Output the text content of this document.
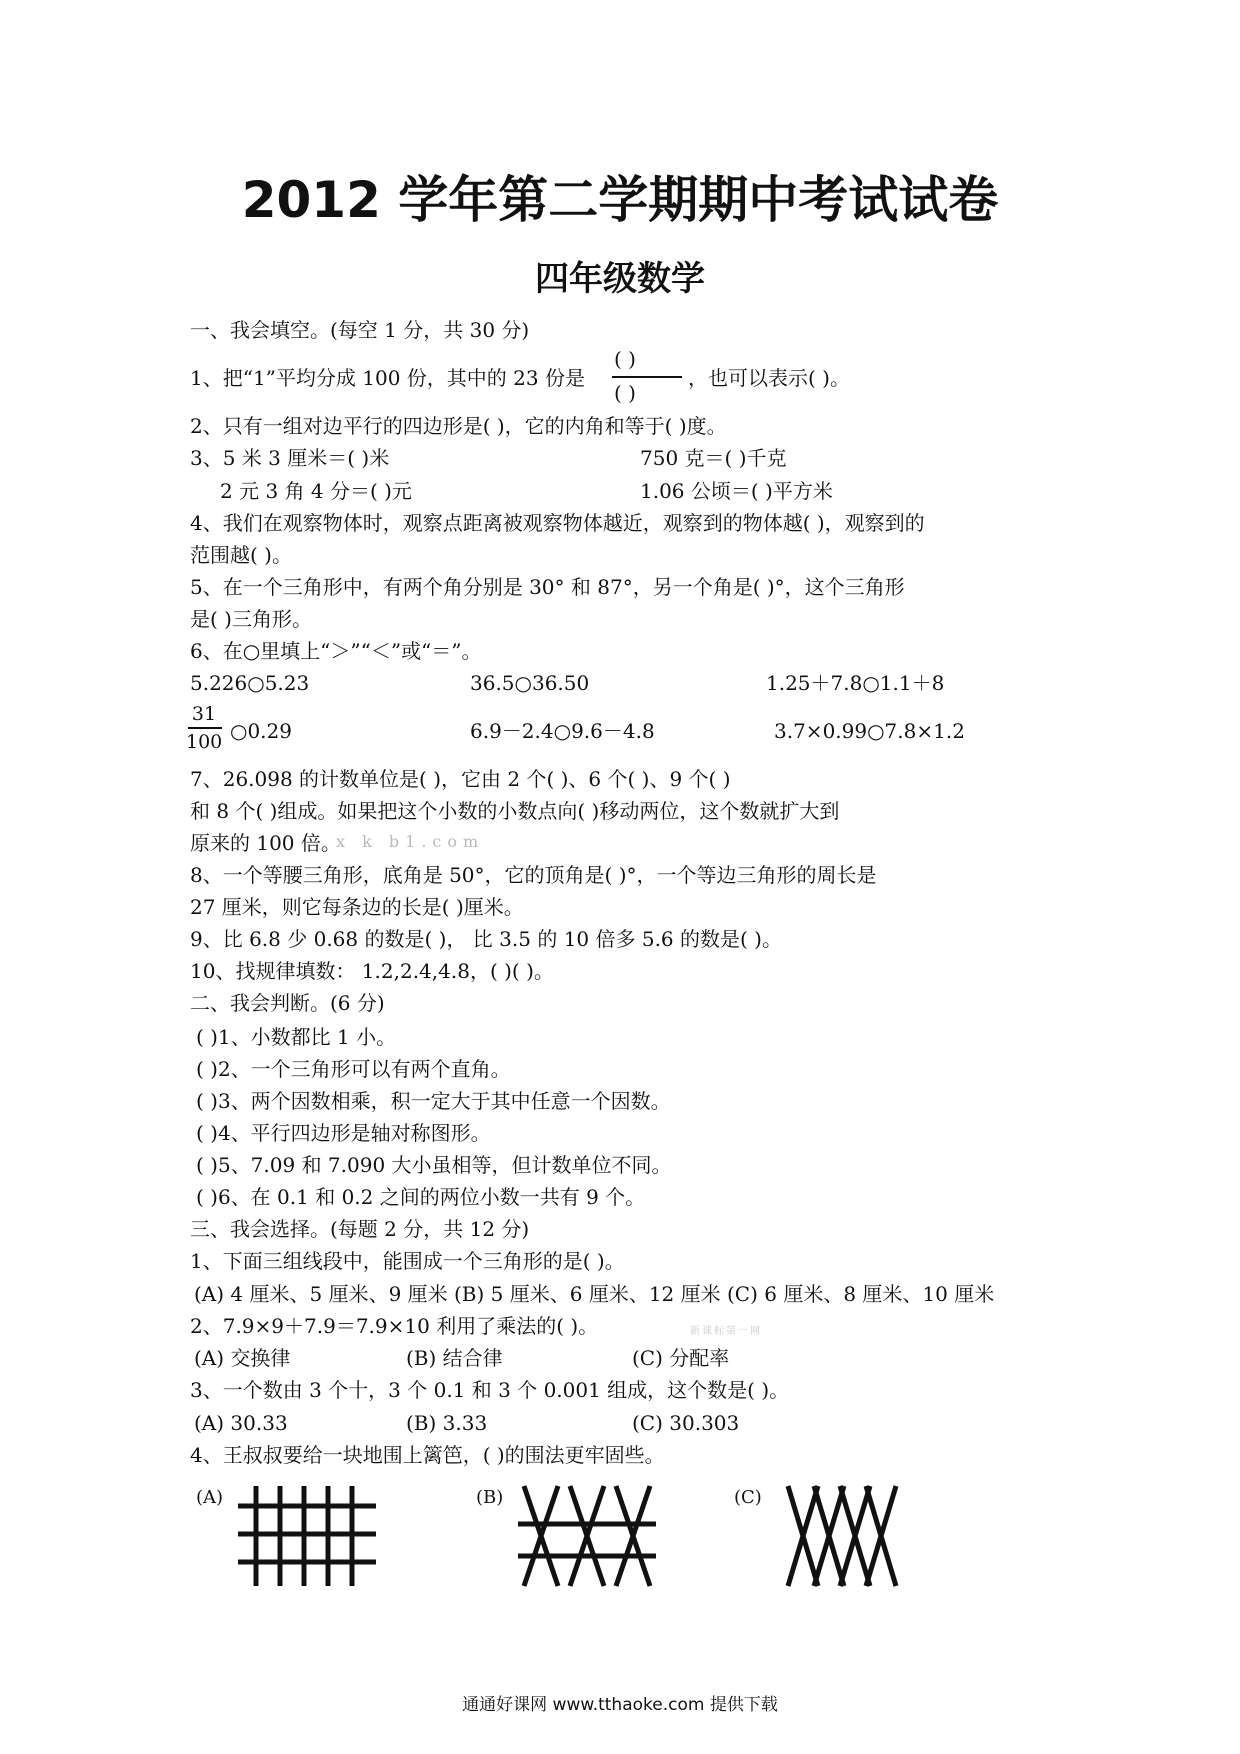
2012 学年第二学期期中考试试卷
四年级数学
一、我会填空。(每空 1 分，共 30 分)
1、把“1”平均分成 100 份，其中的 23 份是
( )
( )
，也可以表示( )。
2、只有一组对边平行的四边形是( )，它的内角和等于( )度。
3、5 米 3 厘米＝( )米	750 克＝( )千克
2 元 3 角 4 分＝( )元	1.06 公顷＝( )平方米
4、我们在观察物体时，观察点距离被观察物体越近，观察到的物体越( )，观察到的
范围越( )。
5、在一个三角形中，有两个角分别是 30° 和 87°，另一个角是( )°，这个三角形
是( )三角形。
6、在○里填上“＞”“＜”或“＝”。
5.226○5.23	36.5○36.50	1.25＋7.8○1.1＋8
31
100 ○0.29	6.9－2.4○9.6－4.8	3.7×0.99○7.8×1.2
7、26.098 的计数单位是( )，它由 2 个( )、6 个( )、9 个( )
和 8 个( )组成。如果把这个小数的小数点向( )移动两位，这个数就扩大到
原来的 100 倍。
x k b1.com
8、一个等腰三角形，底角是 50°，它的顶角是( )°，一个等边三角形的周长是
27 厘米，则它每条边的长是( )厘米。
9、比 6.8 少 0.68 的数是( )， 比 3.5 的 10 倍多 5.6 的数是( )。
10、找规律填数： 1.2,2.4,4.8，( )( )。
二、我会判断。(6 分)
( )1、小数都比 1 小。
( )2、一个三角形可以有两个直角。
( )3、两个因数相乘，积一定大于其中任意一个因数。
( )4、平行四边形是轴对称图形。
( )5、7.09 和 7.090 大小虽相等，但计数单位不同。
( )6、在 0.1 和 0.2 之间的两位小数一共有 9 个。
三、我会选择。(每题 2 分，共 12 分)
1、下面三组线段中，能围成一个三角形的是( )。
(A) 4 厘米、5 厘米、9 厘米 (B) 5 厘米、6 厘米、12 厘米 (C) 6 厘米、8 厘米、10 厘米
2、7.9×9＋7.9＝7.9×10 利用了乘法的( )。	新课标第一网
(A) 交换律	(B) 结合律	(C) 分配率
3、一个数由 3 个十，3 个 0.1 和 3 个 0.001 组成，这个数是( )。
(A) 30.33	(B) 3.33	(C) 30.303
4、王叔叔要给一块地围上篱笆，( )的围法更牢固些。
(A)	(B)	(C)
通通好课网 www.tthaoke.com 提供下载
